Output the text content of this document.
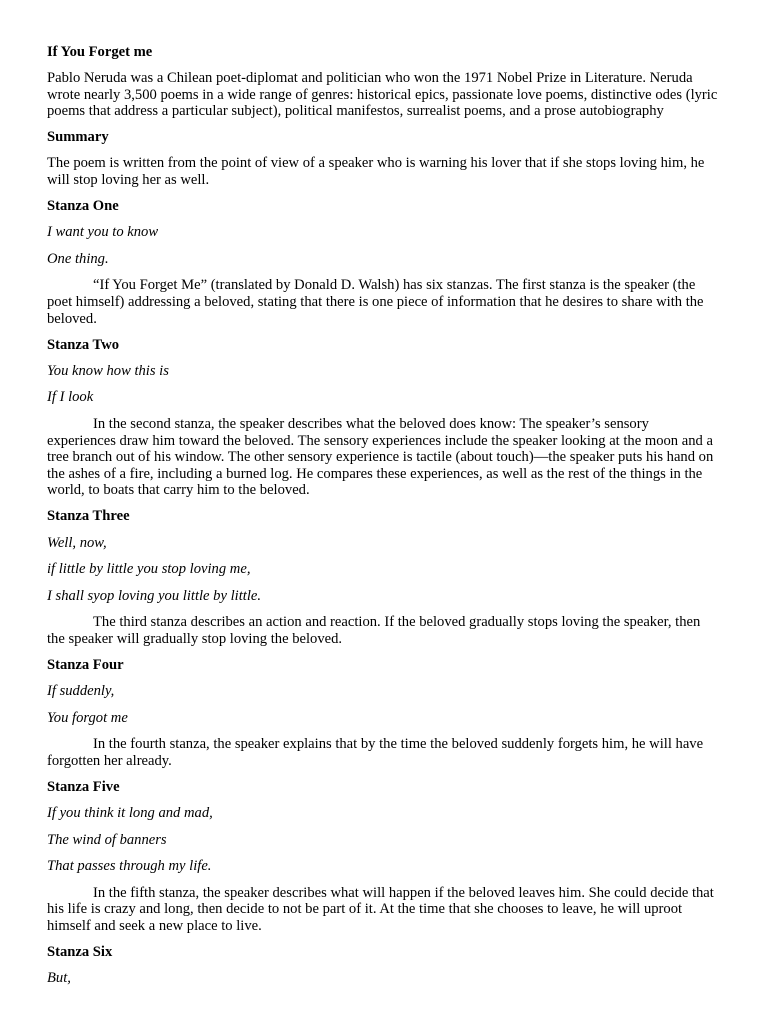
If You Forget me
Pablo Neruda was a Chilean poet-diplomat and politician who won the 1971 Nobel Prize in Literature. Neruda wrote nearly 3,500 poems in a wide range of genres: historical epics, passionate love poems, distinctive odes (lyric poems that address a particular subject), political manifestos, surrealist poems, and a prose autobiography
Summary
The poem is written from the point of view of a speaker who is warning his lover that if she stops loving him, he will stop loving her as well.
Stanza One
I want you to know
One thing.
“If You Forget Me” (translated by Donald D. Walsh) has six stanzas. The first stanza is the speaker (the poet himself) addressing a beloved, stating that there is one piece of information that he desires to share with the beloved.
Stanza Two
You know how this is
If I look
In the second stanza, the speaker describes what the beloved does know: The speaker’s sensory experiences draw him toward the beloved. The sensory experiences include the speaker looking at the moon and a tree branch out of his window. The other sensory experience is tactile (about touch)—the speaker puts his hand on the ashes of a fire, including a burned log. He compares these experiences, as well as the rest of the things in the world, to boats that carry him to the beloved.
Stanza Three
Well, now,
if little by little you stop loving me,
I shall syop loving you little by little.
The third stanza describes an action and reaction. If the beloved gradually stops loving the speaker, then the speaker will gradually stop loving the beloved.
Stanza Four
If suddenly,
You forgot me
In the fourth stanza, the speaker explains that by the time the beloved suddenly forgets him, he will have forgotten her already.
Stanza Five
If you think it long and mad,
The wind of banners
That passes through my life.
In the fifth stanza, the speaker describes what will happen if the beloved leaves him. She could decide that his life is crazy and long, then decide to not be part of it. At the time that she chooses to leave, he will uproot himself and seek a new place to live.
Stanza Six
But,
